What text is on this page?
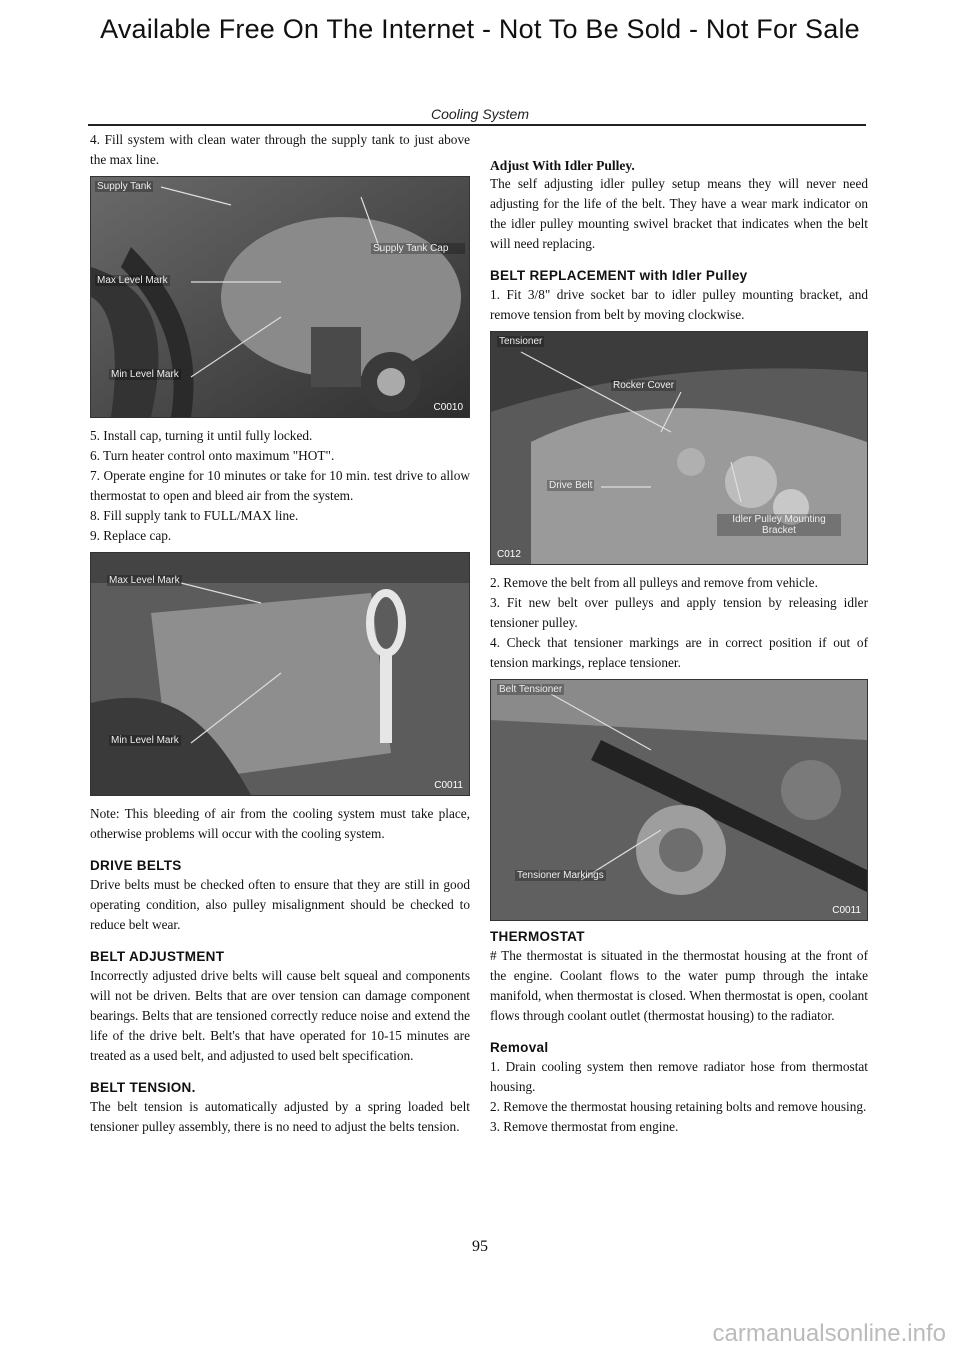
Available Free On The Internet - Not To Be Sold - Not For Sale
Cooling System

4. Fill system with clean water through the supply tank to just above the max line.

Supply Tank
Supply Tank Cap
Max Level Mark
Min Level Mark
C0010

5. Install cap, turning it until fully locked.

6. Turn heater control onto maximum "HOT".

7. Operate engine for 10 minutes or take for 10 min. test drive to allow thermostat to open and bleed air from the system.

8. Fill supply tank to FULL/MAX line.

9. Replace cap.

Max Level Mark
Min Level Mark
C0011

Note: This bleeding of air from the cooling system must take place, otherwise problems will occur with the cooling system.

DRIVE BELTS

Drive belts must be checked often to ensure that they are still in good operating condition, also pulley misalignment should be checked to reduce belt wear.

BELT ADJUSTMENT

Incorrectly adjusted drive belts will cause belt squeal and components will not be driven. Belts that are over tension can damage component bearings. Belts that are tensioned correctly reduce noise and extend the life of the drive belt. Belt's that have operated for 10-15 minutes are treated as a used belt, and adjusted to used belt specification.

BELT TENSION.

The belt tension is automatically adjusted by a spring loaded belt tensioner pulley assembly, there is no need to adjust the belts tension.

Adjust With Idler Pulley.

The self adjusting idler pulley setup means they will never need adjusting for the life of the belt. They have a wear mark indicator on the idler pulley mounting swivel bracket that indicates when the belt will need replacing.

BELT REPLACEMENT with Idler Pulley

1. Fit 3/8" drive socket bar to idler pulley mounting bracket, and remove tension from belt by moving clockwise.

Tensioner
Rocker Cover
Drive Belt
Idler Pulley Mounting Bracket
C012

2. Remove the belt from all pulleys and remove from vehicle.

3. Fit new belt over pulleys and apply tension by releasing idler tensioner pulley.

4. Check that tensioner markings are in correct position if out of tension markings, replace tensioner.

Belt Tensioner
Tensioner Markings
C0011
THERMOSTAT

# The thermostat is situated in the thermostat housing at the front of the engine. Coolant flows to the water pump through the intake manifold, when thermostat is closed. When thermostat is open, coolant flows through coolant outlet (thermostat housing) to the radiator.

Removal

1. Drain cooling system then remove radiator hose from thermostat housing.

2. Remove the thermostat housing retaining bolts and remove housing.

3. Remove thermostat from engine.

95
carmanualsonline.info
